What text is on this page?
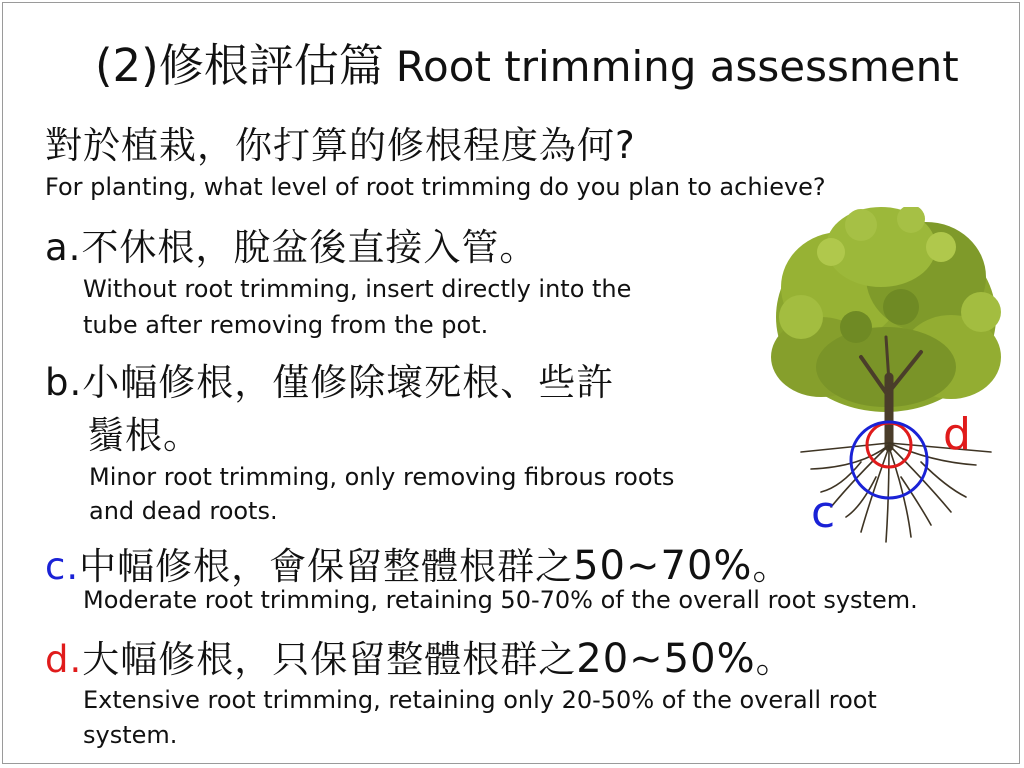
(2)修根評估篇 Root trimming assessment
對於植栽，你打算的修根程度為何?
For planting, what level of root trimming do you plan to achieve?
a.不休根，脫盆後直接入管。
Without root trimming, insert directly into the
tube after removing from the pot.
b.小幅修根，僅修除壞死根、些許
鬚根。
Minor root trimming, only removing fibrous roots
and dead roots.
c.中幅修根，會保留整體根群之50~70%。
Moderate root trimming, retaining 50-70% of the overall root system.
d.大幅修根，只保留整體根群之20~50%。
Extensive root trimming, retaining only 20-50% of the overall root
system.
d
c
